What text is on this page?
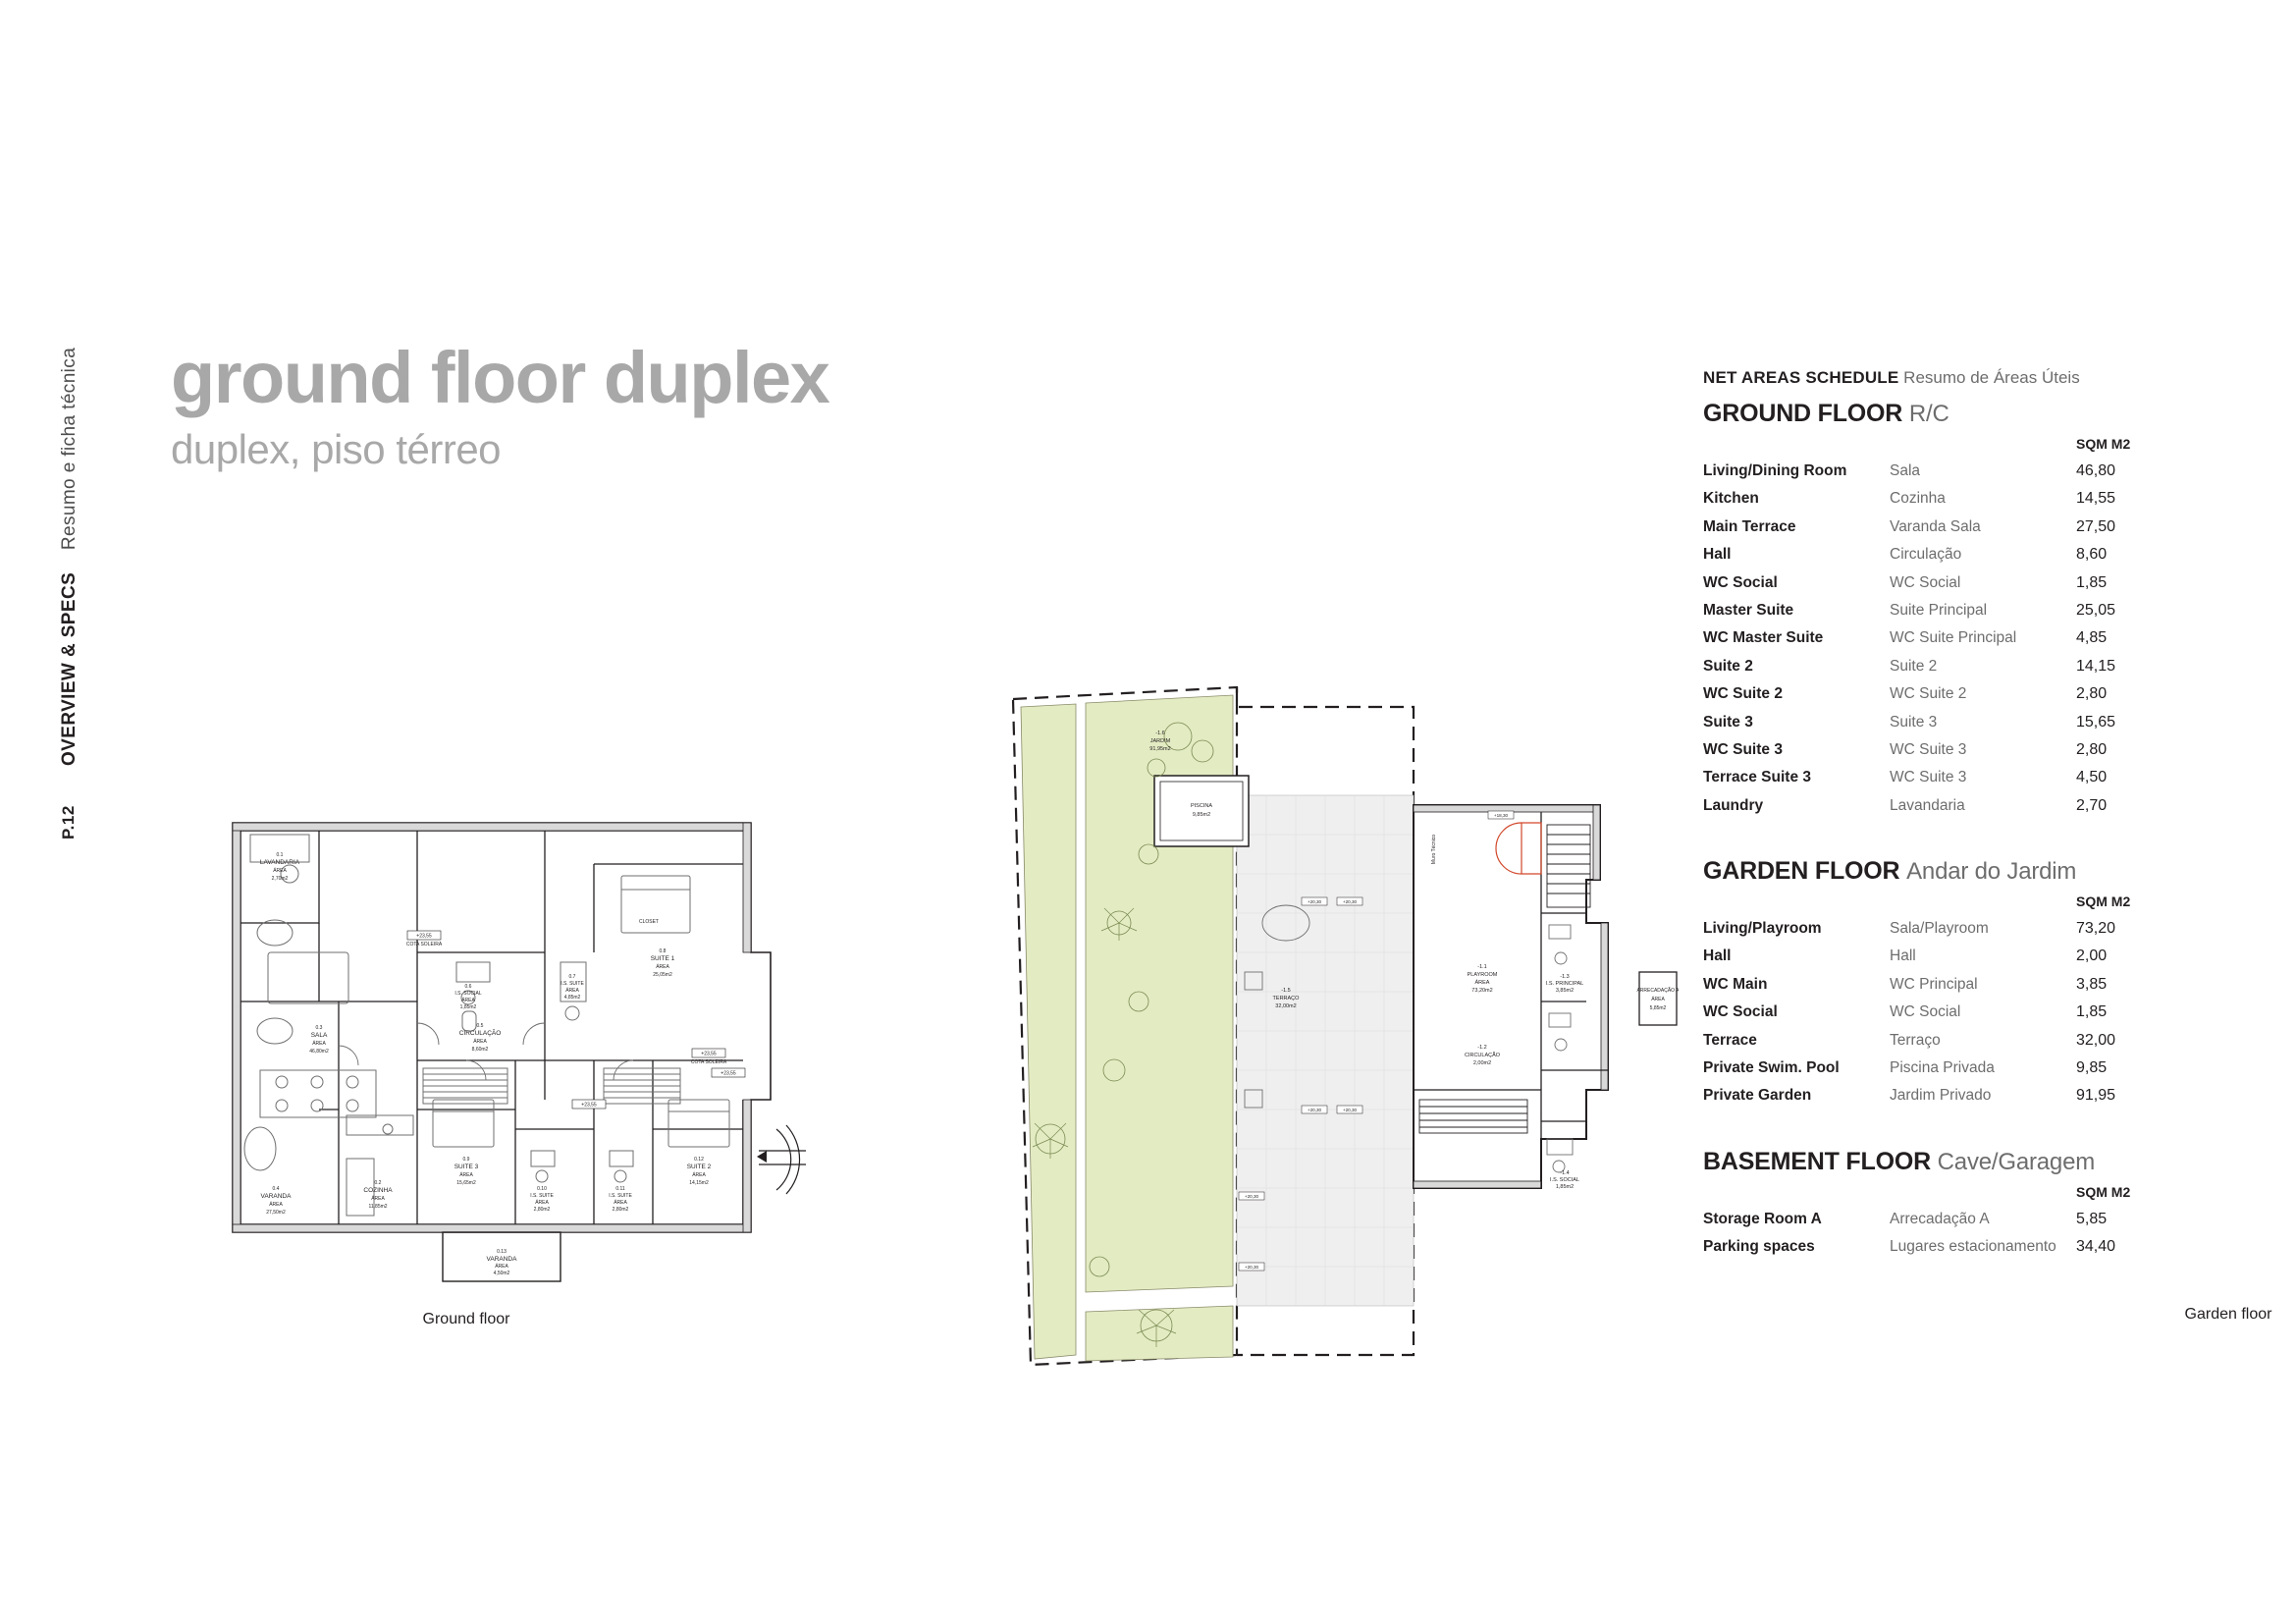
OVERVIEW & SPECS    Resumo e ficha técnica
P.12
ground floor duplex
duplex, piso térreo
0.1
LAVANDARIA
ÁREA
2,70m2
0.3
SALA
ÁREA
46,80m2
0.4
VARANDA
ÁREA
27,50m2
0.2
COZINHA
ÁREA
11,85m2
0.5
CIRCULAÇÃO
ÁREA
8,60m2
0.6
I.S. SOCIAL
ÁREA
1,85m2
0.7
I.S. SUITE
ÁREA
4,85m2
0.8
SUITE 1
ÁREA
25,05m2
0.9
SUITE 3
ÁREA
15,65m2
0.10
I.S. SUITE
ÁREA
2,80m2
0.11
I.S. SUITE
ÁREA
2,80m2
0.12
SUITE 2
ÁREA
14,15m2
0.13
VARANDA
ÁREA
4,50m2
CLOSET
+23,55
COTA SOLEIRA
+23,55
+23,55
COTA SOLEIRA
+23,55
Ground floor
PISCINA
9,85m2
ARRECADAÇÃO A
ÁREA
5,85m2
-1.6
JARDIM
91,95m2
-1.5
TERRAÇO
32,00m2
-1.1
PLAYROOM
ÁREA
73,20m2
-1.2
CIRCULAÇÃO
2,00m2
-1.3
I.S. PRINCIPAL
3,85m2
-1.4
I.S. SOCIAL
1,85m2
Muro Técnico
+20,30	+20,30
+20,30	+20,30
+20,30
+20,30
+18,30
Garden floor
NET AREAS SCHEDULE Resumo de Áreas Úteis
GROUND FLOOR R/C
		SQM M2
Living/Dining Room	Sala	46,80
Kitchen	Cozinha	14,55
Main Terrace	Varanda Sala	27,50
Hall	Circulação	8,60
WC Social	WC Social	1,85
Master Suite	Suite Principal	25,05
WC Master Suite	WC Suite Principal	4,85
Suite 2	Suite 2	14,15
WC Suite 2	WC Suite 2	2,80
Suite 3	Suite 3	15,65
WC Suite 3	WC Suite 3	2,80
Terrace Suite 3	WC Suite 3	4,50
Laundry	Lavandaria	2,70
GARDEN FLOOR Andar do Jardim
		SQM M2
Living/Playroom	Sala/Playroom	73,20
Hall	Hall	2,00
WC Main	WC Principal	3,85
WC Social	WC Social	1,85
Terrace	Terraço	32,00
Private Swim. Pool	Piscina Privada	9,85
Private Garden	Jardim Privado	91,95
BASEMENT FLOOR Cave/Garagem
		SQM M2
Storage Room A	Arrecadação A	5,85
Parking spaces	Lugares estacionamento	34,40
